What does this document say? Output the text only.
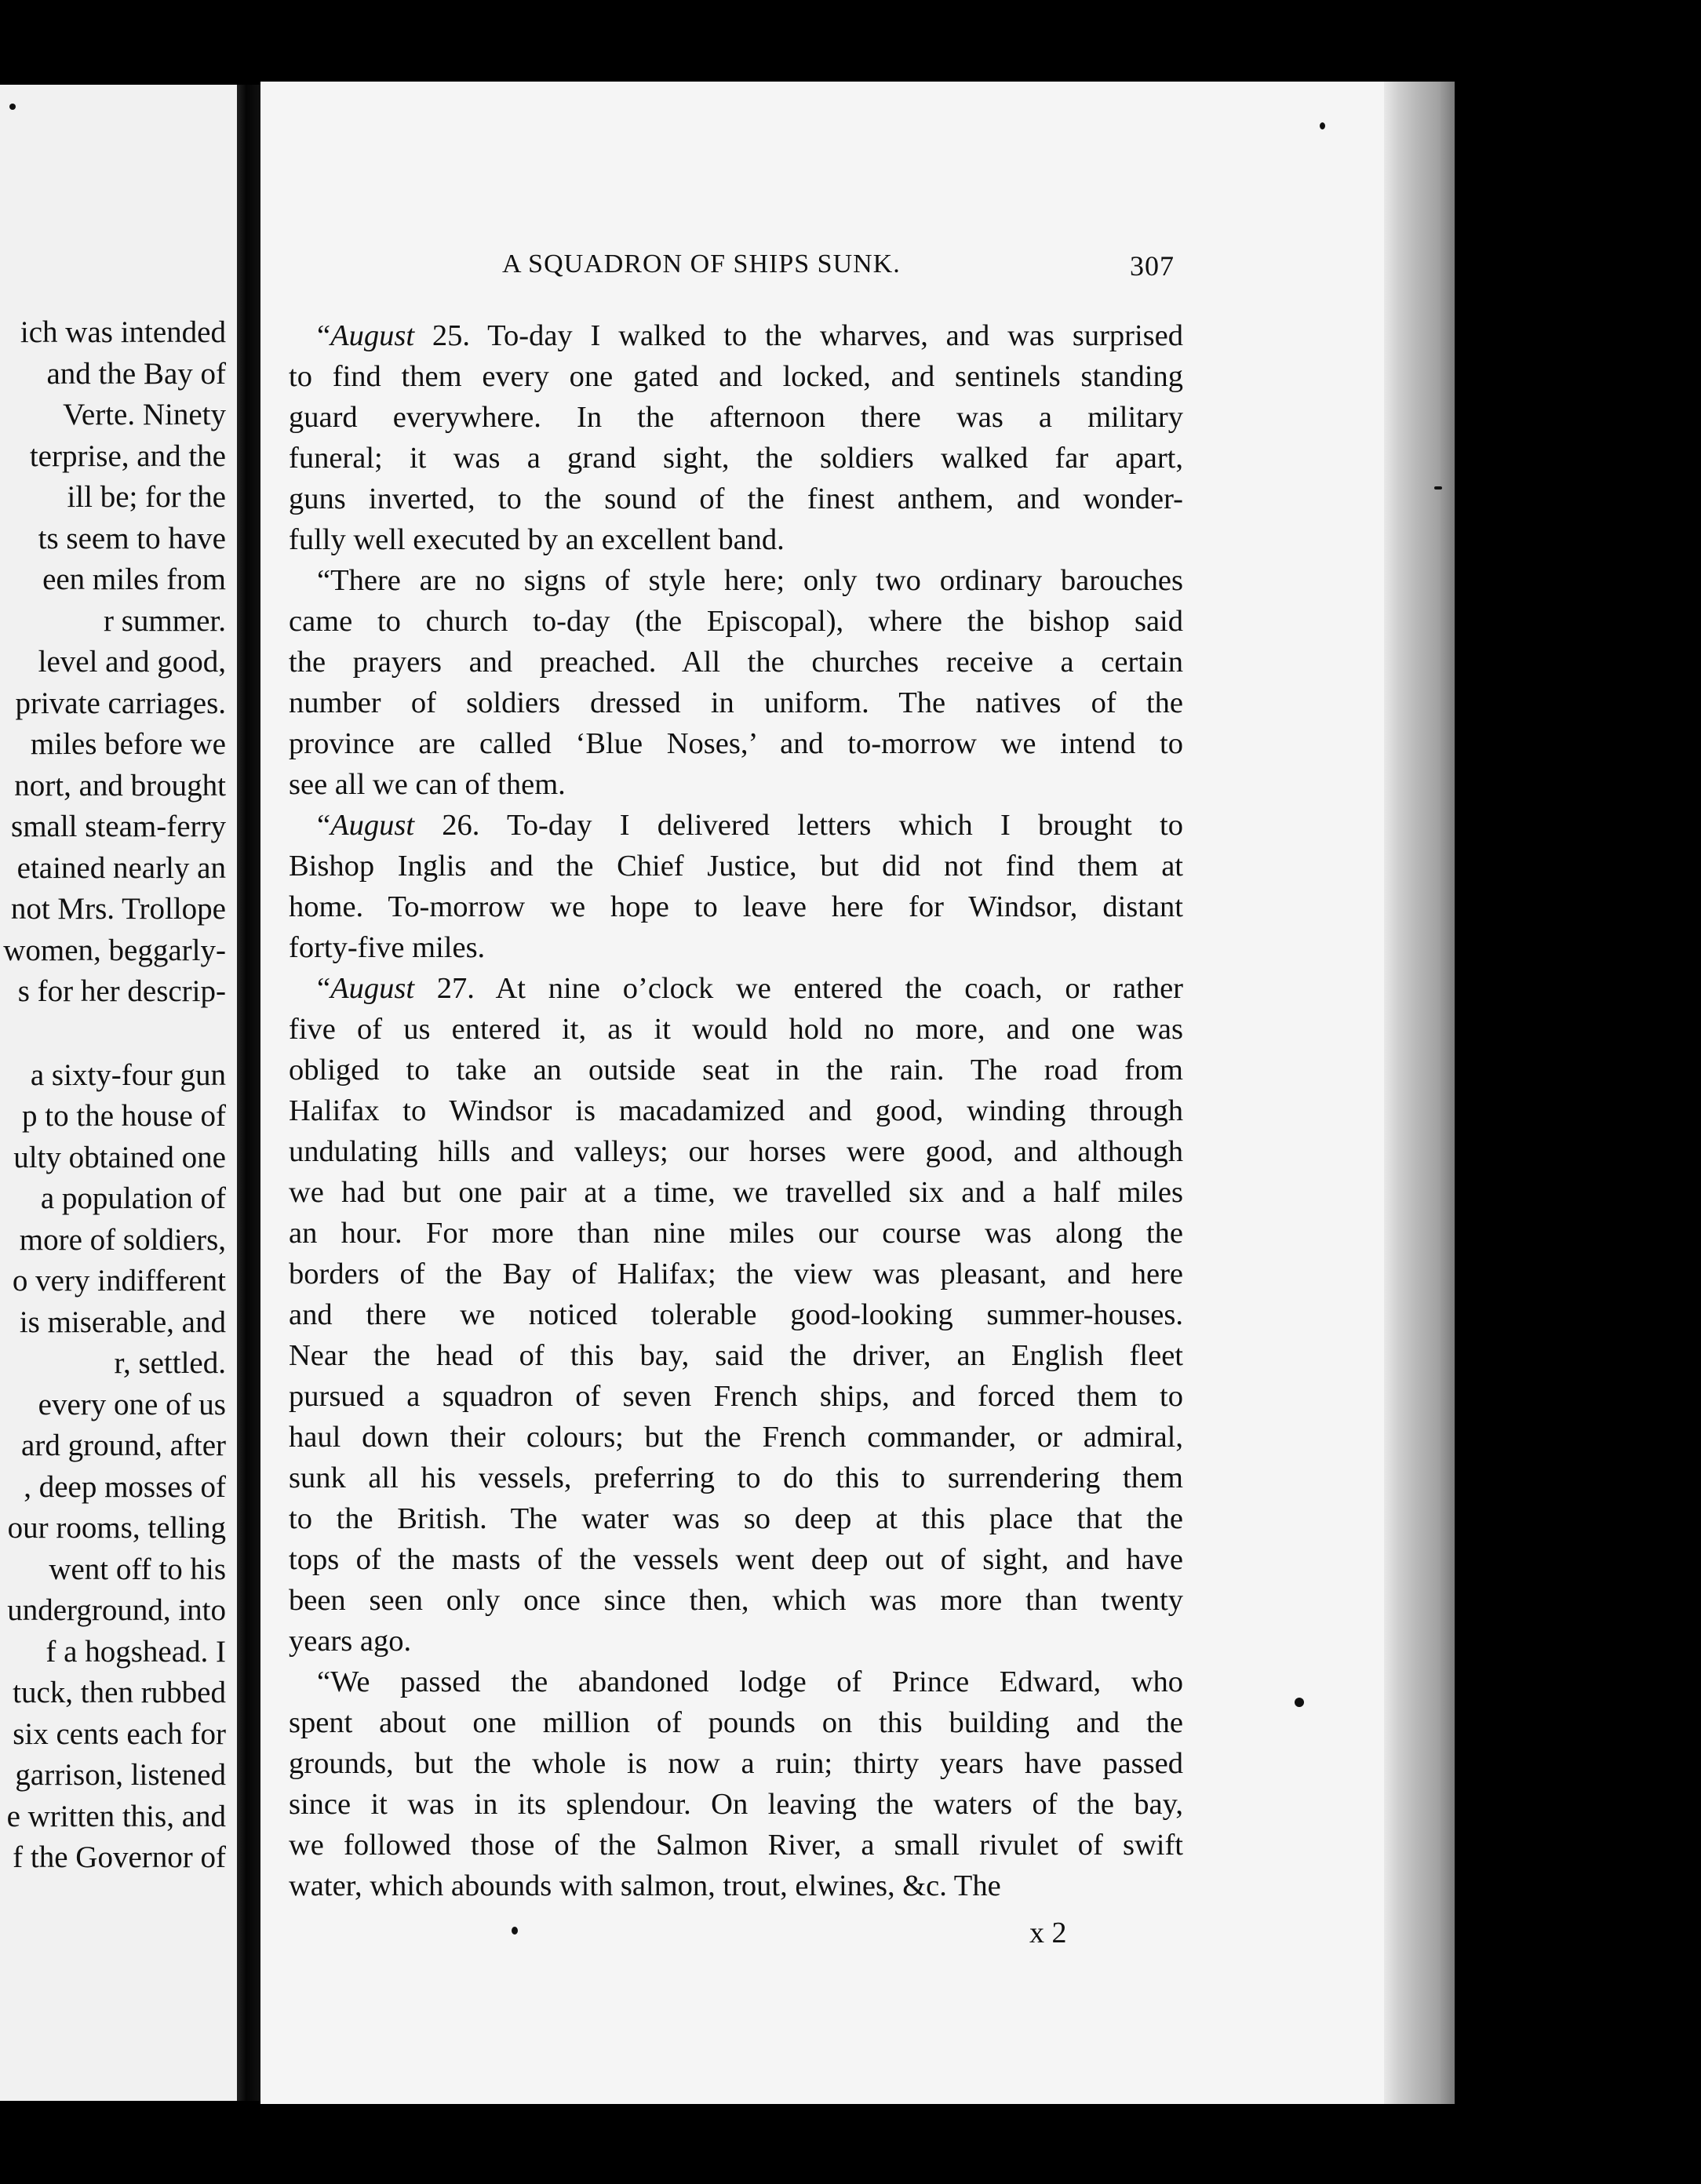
ich was intended
and the Bay of
Verte. Ninety
terprise, and the
ill be; for the
ts seem to have
een miles from
r summer.
level and good,
private carriages.
miles before we
nort, and brought
small steam-ferry
etained nearly an
not Mrs. Trollope
women, beggarly-
s for her descrip-
a sixty-four gun
p to the house of
ulty obtained one
a population of
more of soldiers,
o very indifferent
is miserable, and
r, settled.
every one of us
ard ground, after
, deep mosses of
our rooms, telling
went off to his
underground, into
f a hogshead. I
tuck, then rubbed
six cents each for
garrison, listened
e written this, and
f the Governor of
A SQUADRON OF SHIPS SUNK.	307
“August 25. To-day I walked to the wharves, and was surprised
to find them every one gated and locked, and sentinels standing
guard everywhere. In the afternoon there was a military
funeral; it was a grand sight, the soldiers walked far apart,
guns inverted, to the sound of the finest anthem, and wonder-
fully well executed by an excellent band.
“There are no signs of style here; only two ordinary barouches
came to church to-day (the Episcopal), where the bishop said
the prayers and preached. All the churches receive a certain
number of soldiers dressed in uniform. The natives of the
province are called ‘Blue Noses,’ and to-morrow we intend to
see all we can of them.
“August 26. To-day I delivered letters which I brought to
Bishop Inglis and the Chief Justice, but did not find them at
home. To-morrow we hope to leave here for Windsor, distant
forty-five miles.
“August 27. At nine o’clock we entered the coach, or rather
five of us entered it, as it would hold no more, and one was
obliged to take an outside seat in the rain. The road from
Halifax to Windsor is macadamized and good, winding through
undulating hills and valleys; our horses were good, and although
we had but one pair at a time, we travelled six and a half miles
an hour. For more than nine miles our course was along the
borders of the Bay of Halifax; the view was pleasant, and here
and there we noticed tolerable good-looking summer-houses.
Near the head of this bay, said the driver, an English fleet
pursued a squadron of seven French ships, and forced them to
haul down their colours; but the French commander, or admiral,
sunk all his vessels, preferring to do this to surrendering them
to the British. The water was so deep at this place that the
tops of the masts of the vessels went deep out of sight, and have
been seen only once since then, which was more than twenty
years ago.
“We passed the abandoned lodge of Prince Edward, who
spent about one million of pounds on this building and the
grounds, but the whole is now a ruin; thirty years have passed
since it was in its splendour. On leaving the waters of the bay,
we followed those of the Salmon River, a small rivulet of swift
water, which abounds with salmon, trout, elwines, &c. The
x 2
